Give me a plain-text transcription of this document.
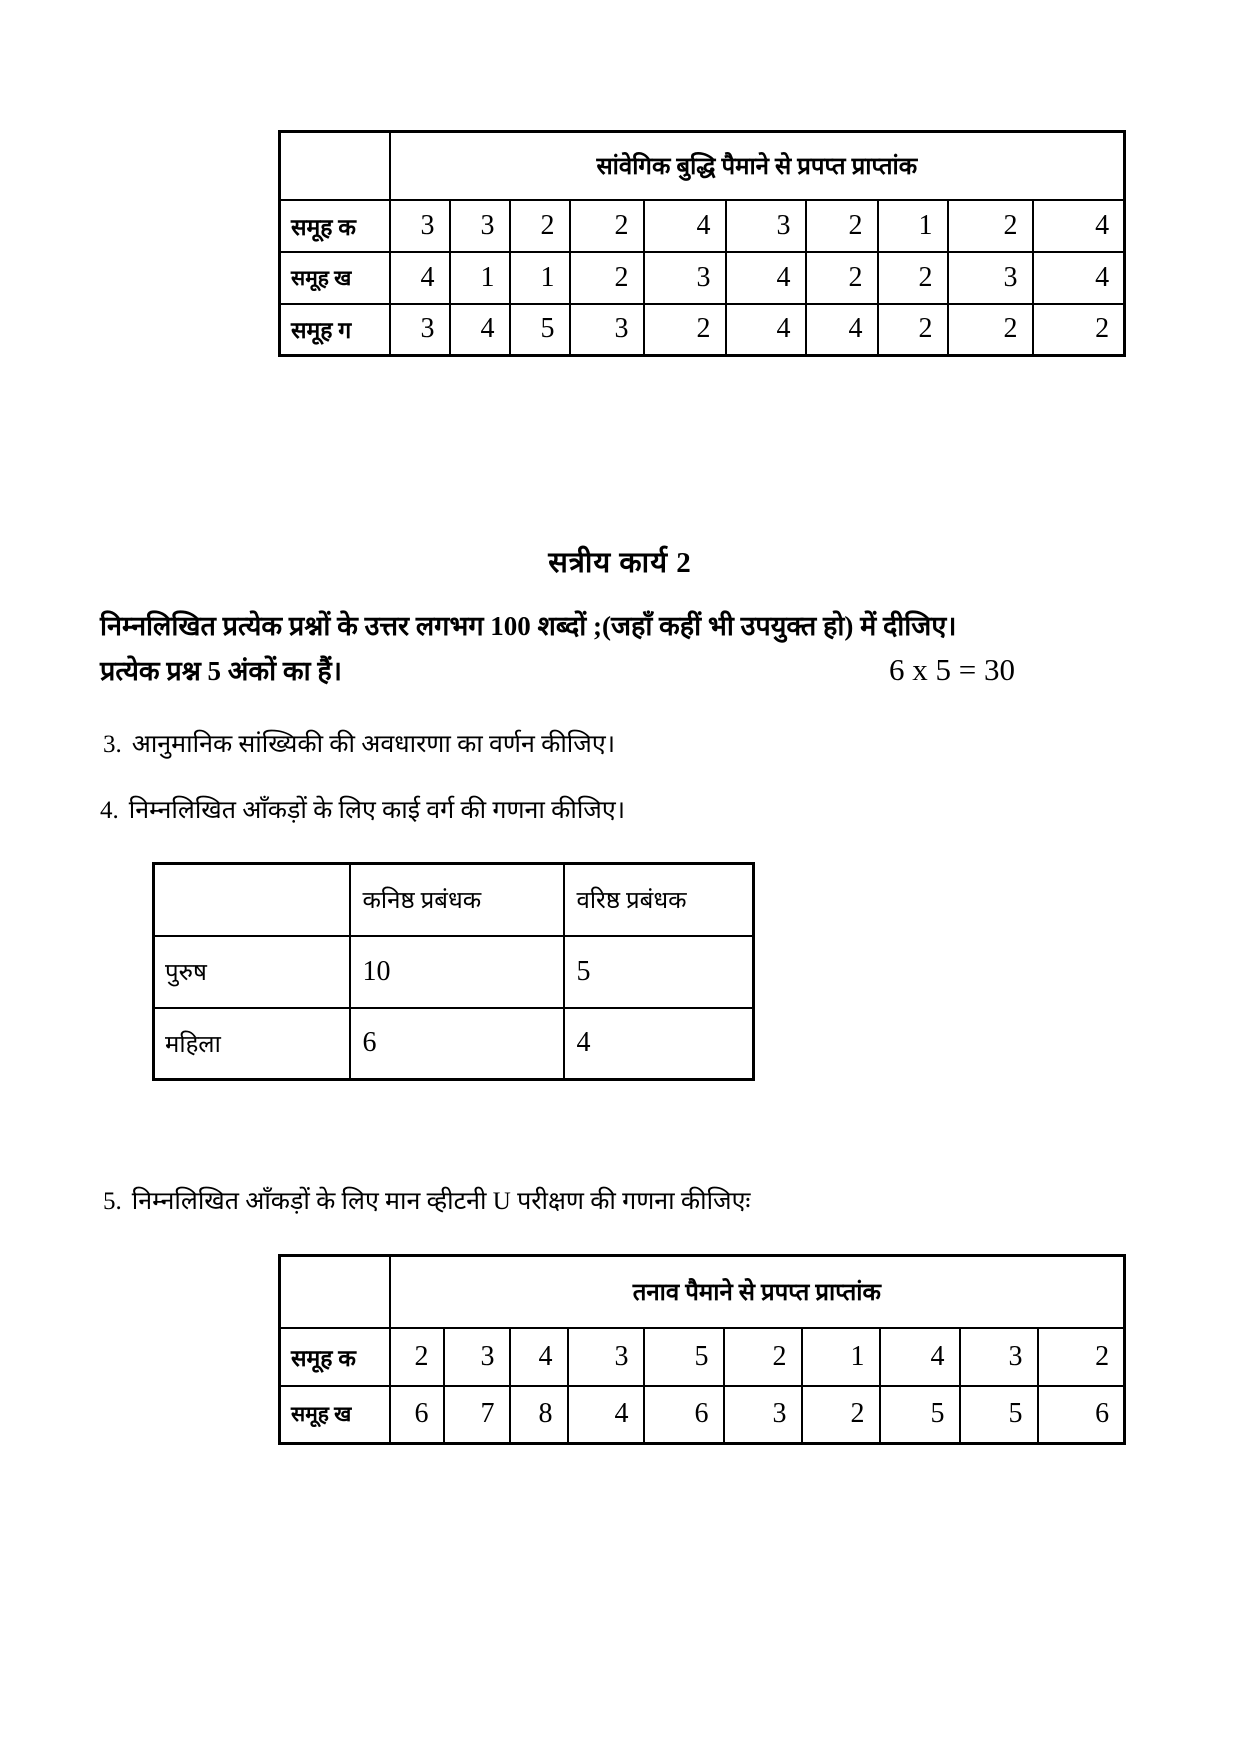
	सांवेगिक बुद्धि पैमाने से प्रपप्त प्राप्तांक									
समूह क	3	3	2	2	4	3	2	1	2	4
समूह ख	4	1	1	2	3	4	2	2	3	4
समूह ग	3	4	5	3	2	4	4	2	2	2
सत्रीय कार्य 2
निम्नलिखित प्रत्येक प्रश्नों के उत्तर लगभग 100 शब्दों ;(जहाँ कहीं भी उपयुक्त हो) में दीजिए।
प्रत्येक प्रश्न 5 अंकों का हैं।	6 x 5 = 30
3. आनुमानिक सांख्यिकी की अवधारणा का वर्णन कीजिए।
4. निम्नलिखित आँकड़ों के लिए काई वर्ग की गणना कीजिए।
	कनिष्ठ प्रबंधक	वरिष्ठ प्रबंधक
पुरुष	10	5
महिला	6	4
5. निम्नलिखित आँकड़ों के लिए मान व्हीटनी U परीक्षण की गणना कीजिएः
	तनाव पैमाने से प्रपप्त प्राप्तांक									
समूह क	2	3	4	3	5	2	1	4	3	2
समूह ख	6	7	8	4	6	3	2	5	5	6
